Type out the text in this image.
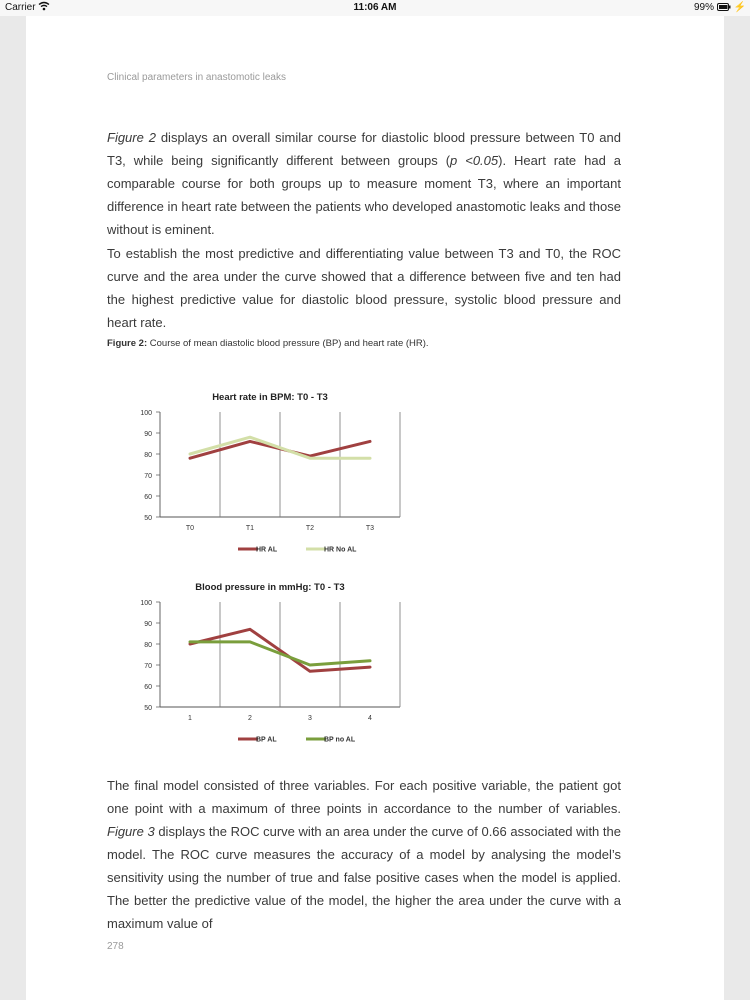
Carrier	11:06 AM	99% ⚡
Clinical parameters in anastomotic leaks

Figure 2 displays an overall similar course for diastolic blood pressure between T0 and T3, while being significantly different between groups (p <0.05). Heart rate had a comparable course for both groups up to measure moment T3, where an important difference in heart rate between the patients who developed anastomotic leaks and those without is eminent.

To establish the most predictive and differentiating value between T3 and T0, the ROC curve and the area under the curve showed that a difference between five and ten had the highest predictive value for diastolic blood pressure, systolic blood pressure and heart rate.

Figure 2: Course of mean diastolic blood pressure (BP) and heart rate (HR).
Heart rate in BPM: T0 - T3
100
90
80
70
60
50
T0	T1	T2	T3
HR AL	HR No AL
Blood pressure in mmHg: T0 - T3
100
90
80
70
60
50
1	2	3	4
BP AL	BP no AL

The final model consisted of three variables. For each positive variable, the patient got one point with a maximum of three points in accordance to the number of variables. Figure 3 displays the ROC curve with an area under the curve of 0.66 associated with the model. The ROC curve measures the accuracy of a model by analysing the model’s sensitivity using the number of true and false positive cases when the model is applied. The better the predictive value of the model, the higher the area under the curve with a maximum value of

278
